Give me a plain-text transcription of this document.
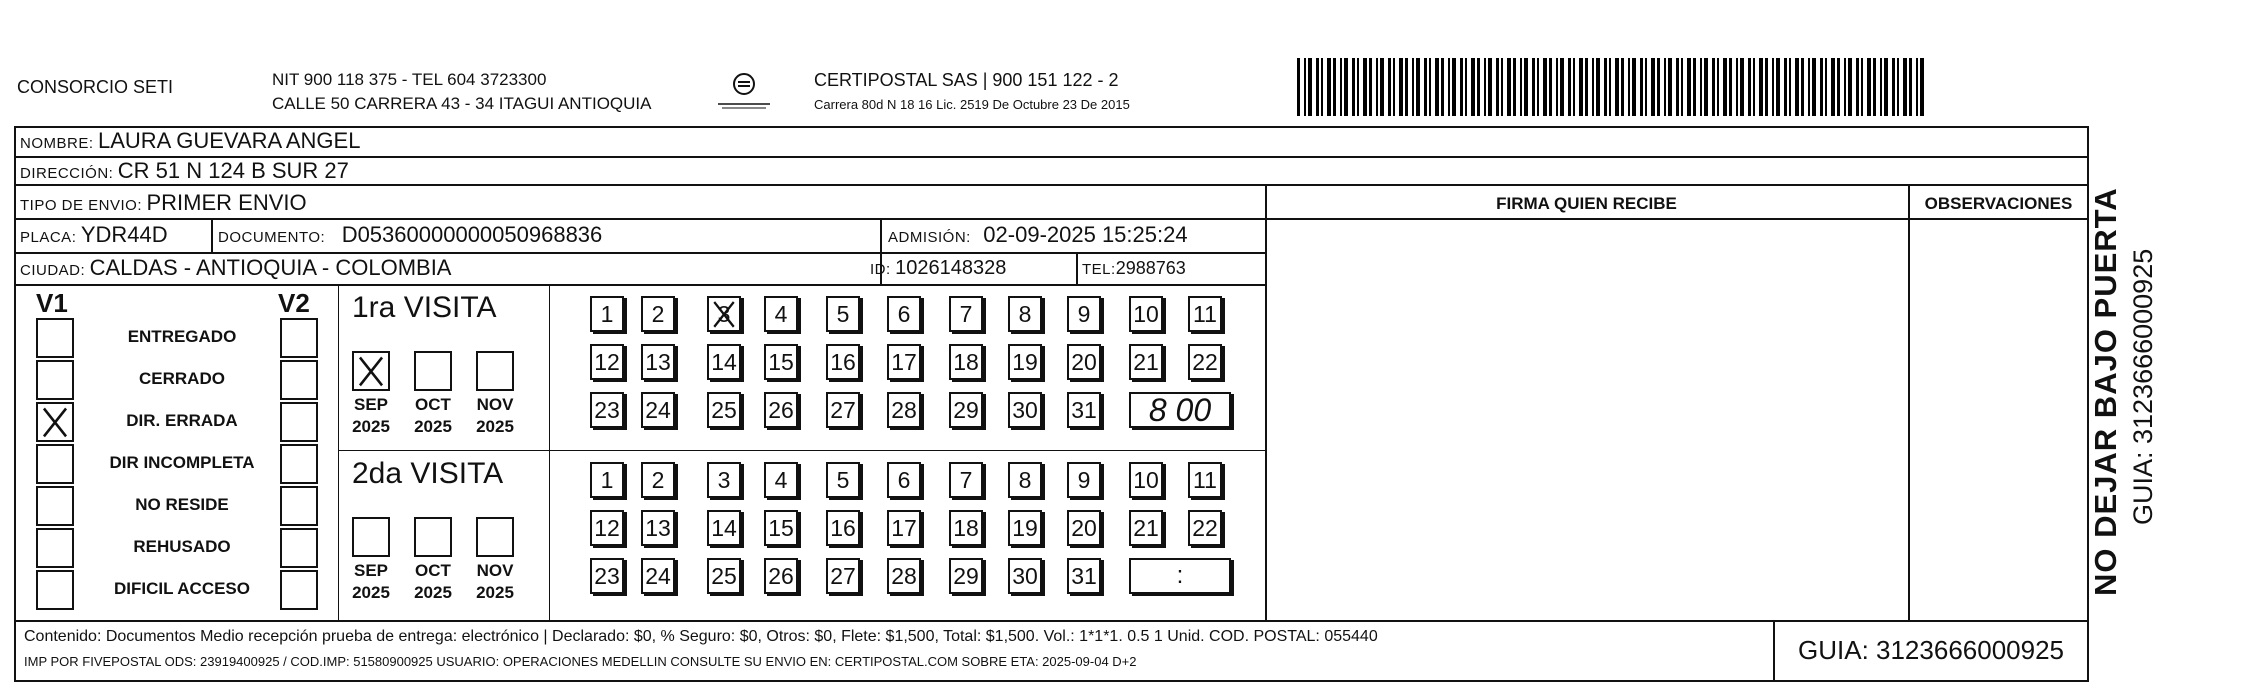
CONSORCIO SETI	NIT 900 118 375 - TEL 604 3723300
CALLE 50 CARRERA 43 - 34 ITAGUI ANTIOQUIA
CERTIPOSTAL SAS | 900 151 122 - 2
Carrera 80d N 18 16 Lic. 2519 De Octubre 23 De 2015
NOMBRE: LAURA GUEVARA ANGEL
DIRECCIÓN: CR 51 N 124 B SUR 27
TIPO DE ENVIO: PRIMER ENVIO
PLACA: YDR44D	DOCUMENTO: D05360000000050968836	ADMISIÓN: 02-09-2025 15:25:24
CIUDAD: CALDAS - ANTIOQUIA - COLOMBIA	ID: 1026148328	TEL:2988763
FIRMA QUIEN RECIBE	OBSERVACIONES
V1	V2
ENTREGADO
CERRADO
DIR. ERRADA
DIR INCOMPLETA
NO RESIDE
REHUSADO
DIFICIL ACCESO
1ra VISITA
SEP
2025
OCT
2025
NOV
2025
1	2	3	4	5	6	7	8	9	10 11
12 13 14 15 16 17 18 19 20 21 22
23 24 25 26 27 28 29 30 31	8 00
2da VISITA
SEP
2025
OCT
2025
NOV
2025
1	2	3	4	5	6	7	8	9	10 11
12 13 14 15 16 17 18 19 20 21 22
23 24 25 26 27 28 29 30 31	:
Contenido: Documentos Medio recepción prueba de entrega: electrónico | Declarado: $0, % Seguro: $0, Otros: $0, Flete: $1,500, Total: $1,500. Vol.: 1*1*1. 0.5 1 Unid. COD. POSTAL: 055440
IMP POR FIVEPOSTAL ODS: 23919400925 / COD.IMP: 51580900925 USUARIO: OPERACIONES MEDELLIN CONSULTE SU ENVIO EN: CERTIPOSTAL.COM SOBRE ETA: 2025-09-04 D+2	GUIA: 3123666000925
NO DEJAR BAJO PUERTA GUIA: 3123666000925
